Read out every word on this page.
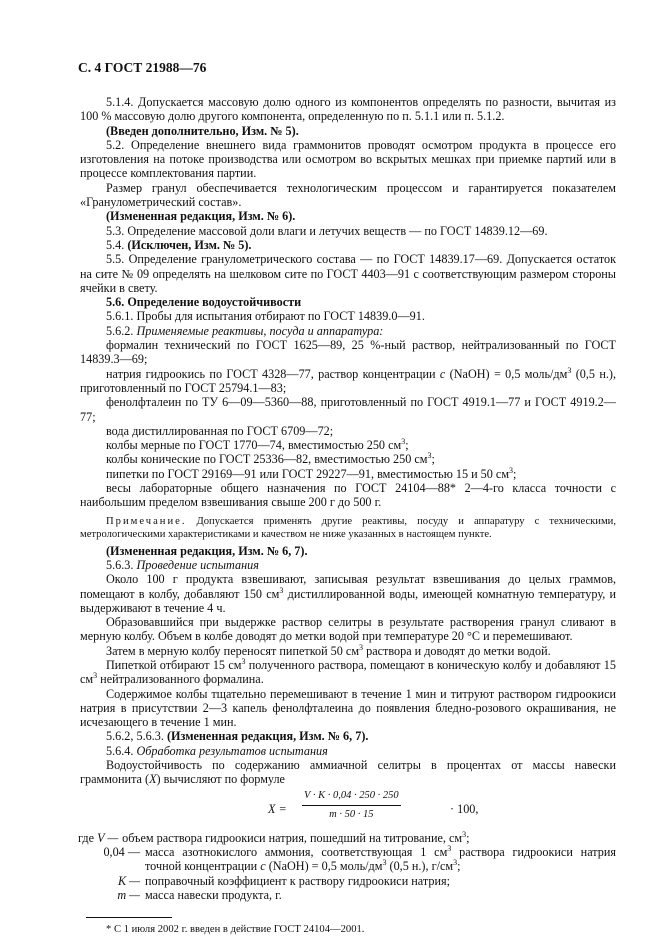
С. 4 ГОСТ 21988—76

5.1.4. Допускается массовую долю одного из компонентов определять по разности, вычитая из 100 % массовую долю другого компонента, определенную по п. 5.1.1 или п. 5.1.2.

(Введен дополнительно, Изм. № 5).

5.2. Определение внешнего вида граммонитов проводят осмотром продукта в процессе его изготовления на потоке производства или осмотром во вскрытых мешках при приемке партий или в процессе комплектования партии.

Размер гранул обеспечивается технологическим процессом и гарантируется показателем «Гранулометрический состав».

(Измененная редакция, Изм. № 6).

5.3. Определение массовой доли влаги и летучих веществ — по ГОСТ 14839.12—69.

5.4. (Исключен, Изм. № 5).

5.5. Определение гранулометрического состава — по ГОСТ 14839.17—69. Допускается остаток на сите № 09 определять на шелковом сите по ГОСТ 4403—91 с соответствующим размером стороны ячейки в свету.

5.6. Определение водоустойчивости

5.6.1. Пробы для испытания отбирают по ГОСТ 14839.0—91.

5.6.2. Применяемые реактивы, посуда и аппаратура:

формалин технический по ГОСТ 1625—89, 25 %-ный раствор, нейтрализованный по ГОСТ 14839.3—69;

натрия гидроокись по ГОСТ 4328—77, раствор концентрации c (NaOH) = 0,5 моль/$дм^3$ (0,5 н.), приготовленный по ГОСТ 25794.1—83;

фенолфталеин по ТУ 6—09—5360—88, приготовленный по ГОСТ 4919.1—77 и ГОСТ 4919.2—77;

вода дистиллированная по ГОСТ 6709—72;

колбы мерные по ГОСТ 1770—74, вместимостью 250 $см^3$;

колбы конические по ГОСТ 25336—82, вместимостью 250 $см^3$;

пипетки по ГОСТ 29169—91 или ГОСТ 29227—91, вместимостью 15 и 50 $см^3$;

весы лабораторные общего назначения по ГОСТ 24104—88* 2—4-го класса точности с наибольшим пределом взвешивания свыше 200 г до 500 г.

Примечание. Допускается применять другие реактивы, посуду и аппаратуру с техническими, метрологическими характеристиками и качеством не ниже указанных в настоящем пункте.

(Измененная редакция, Изм. № 6, 7).

5.6.3. Проведение испытания

Около 100 г продукта взвешивают, записывая результат взвешивания до целых граммов, помещают в колбу, добавляют 150 $см^3$ дистиллированной воды, имеющей комнатную температуру, и выдерживают в течение 4 ч.

Образовавшийся при выдержке раствор селитры в результате растворения гранул сливают в мерную колбу. Объем в колбе доводят до метки водой при температуре 20 °С и перемешивают.

Затем в мерную колбу переносят пипеткой 50 $см^3$ раствора и доводят до метки водой.

Пипеткой отбирают 15 $см^3$ полученного раствора, помещают в коническую колбу и добавляют 15 $см^3$ нейтрализованного формалина.

Содержимое колбы тщательно перемешивают в течение 1 мин и титруют раствором гидроокиси натрия в присутствии 2—3 капель фенолфталеина до появления бледно-розового окрашивания, не исчезающего в течение 1 мин.

5.6.2, 5.6.3. (Измененная редакция, Изм. № 6, 7).

5.6.4. Обработка результатов испытания

Водоустойчивость по содержанию аммиачной селитры в процентах от массы навески граммонита (X) вычисляют по формуле

$X = \frac{V \cdot K \cdot 0,04 \cdot 250 \cdot 250}{m \cdot 50 \cdot 15}$	· 100,
где V — объем раствора гидроокиси натрия, пошедший на титрование, $см^3$;
0,04 — масса азотнокислого аммония, соответствующая 1 $см^3$ раствора гидроокиси натрия точной концентрации c (NaOH) = 0,5 моль/$дм^3$ (0,5 н.), $г/см^3$;
K — поправочный коэффициент к раствору гидроокиси натрия;
m — масса навески продукта, г.

* С 1 июля 2002 г. введен в действие ГОСТ 24104—2001.
